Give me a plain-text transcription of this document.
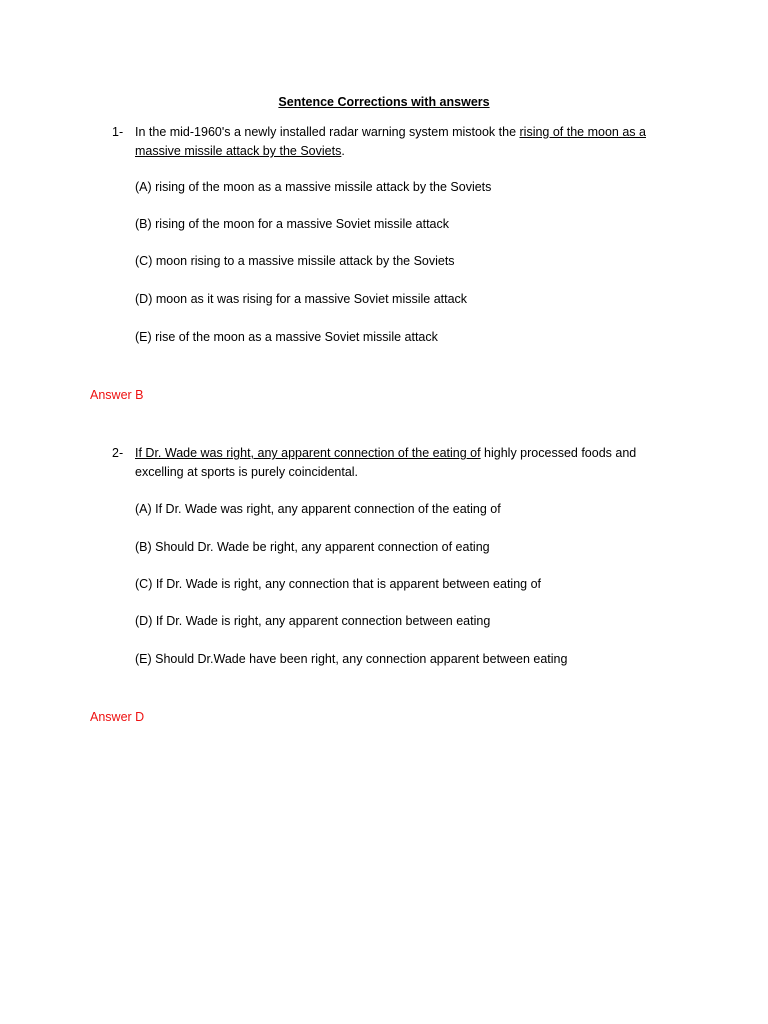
Sentence Corrections with answers
1- In the mid-1960's a newly installed radar warning system mistook the rising of the moon as a massive missile attack by the Soviets.
(A) rising of the moon as a massive missile attack by the Soviets
(B) rising of the moon for a massive Soviet missile attack
(C) moon rising to a massive missile attack by the Soviets
(D) moon as it was rising for a massive Soviet missile attack
(E) rise of the moon as a massive Soviet missile attack
Answer B
2- If Dr. Wade was right, any apparent connection of the eating of highly processed foods and excelling at sports is purely coincidental.
(A) If Dr. Wade was right, any apparent connection of the eating of
(B) Should Dr. Wade be right, any apparent connection of eating
(C) If Dr. Wade is right, any connection that is apparent between eating of
(D) If Dr. Wade is right, any apparent connection between eating
(E) Should Dr.Wade have been right, any connection apparent between eating
Answer D
